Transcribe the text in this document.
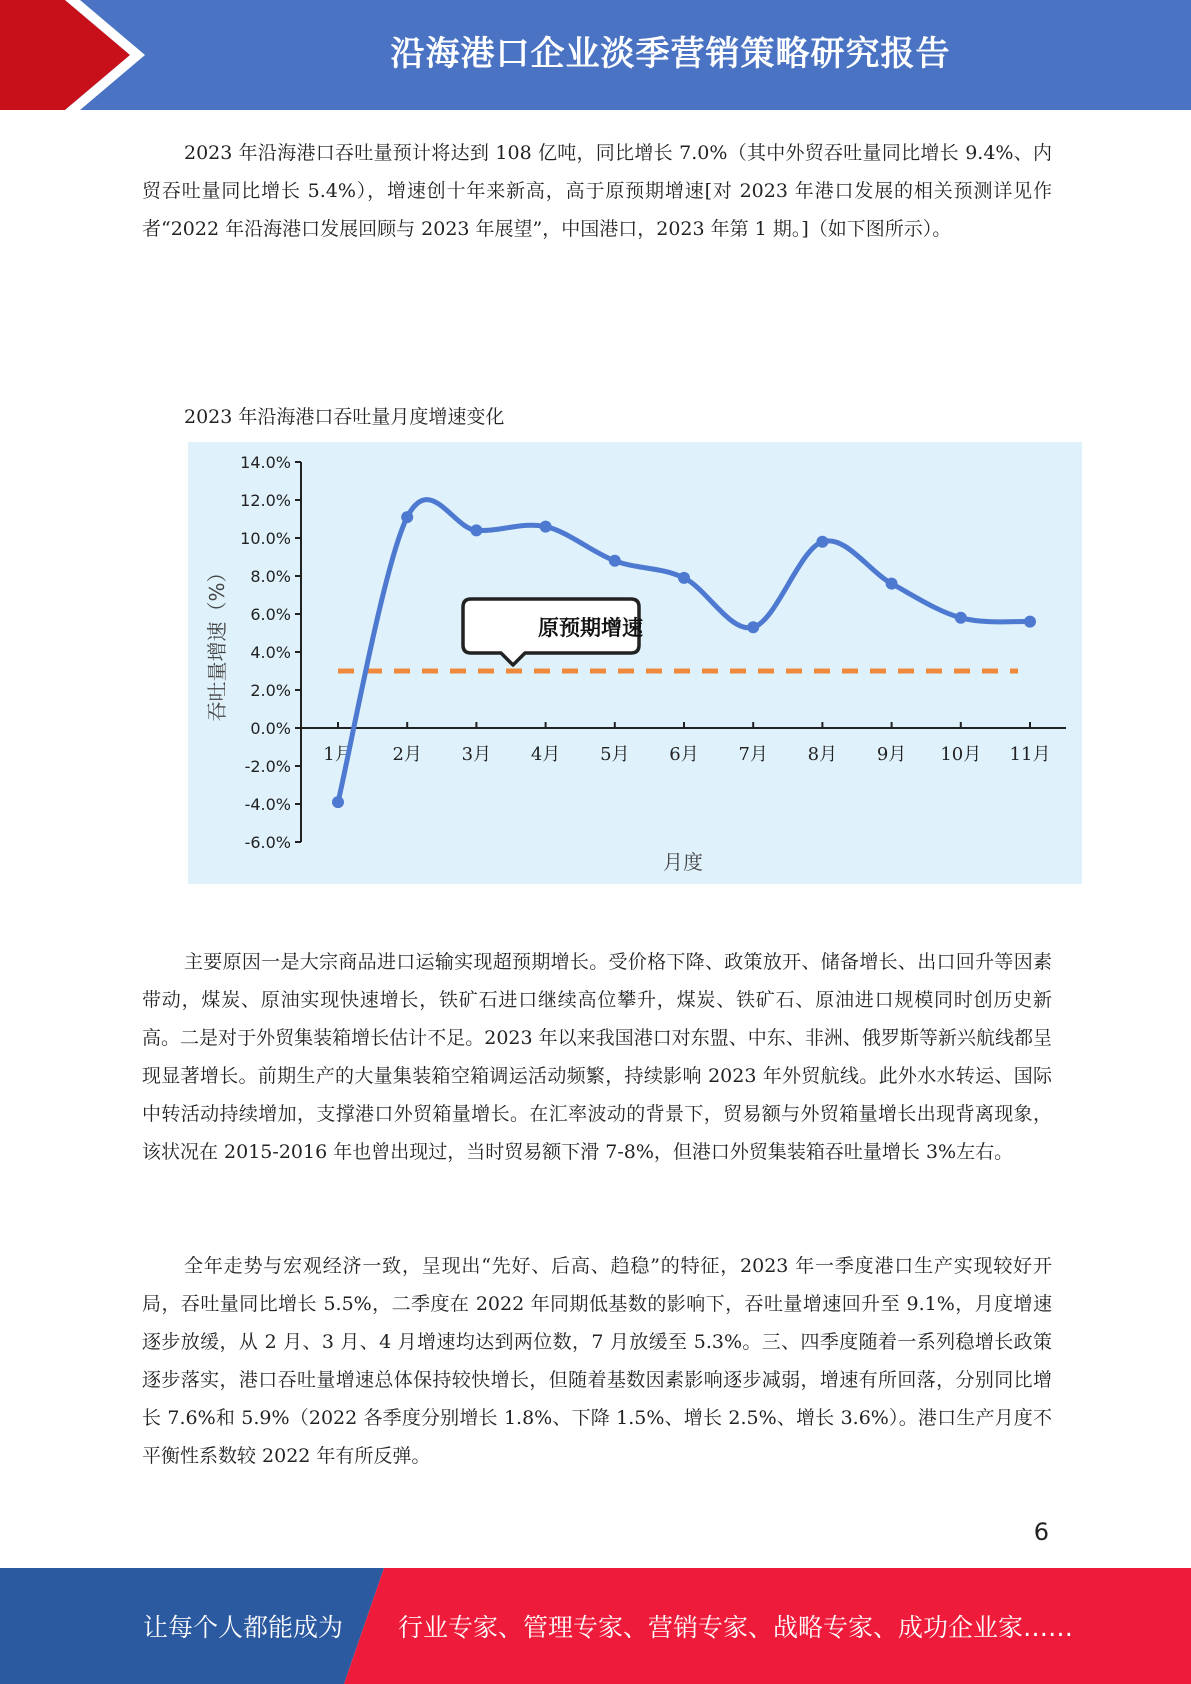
沿海港口企业淡季营销策略研究报告

2023 年沿海港口吞吐量预计将达到 108 亿吨，同比增长 7.0%（其中外贸吞吐量同比增长 9.4%、内贸吞吐量同比增长 5.4%），增速创十年来新高，高于原预期增速[对 2023 年港口发展的相关预测详见作者“2022 年沿海港口发展回顾与 2023 年展望”，中国港口，2023 年第 1 期。]（如下图所示）。

2023 年沿海港口吞吐量月度增速变化
14.0%
12.0%
10.0%
8.0%
6.0%
4.0%
2.0%
0.0%
-2.0%
-4.0%
-6.0%
1月 2月 3月 4月 5月 6月 7月 8月 9月 10月 11月
原预期增速
吞吐量增速（%）
月度

主要原因一是大宗商品进口运输实现超预期增长。受价格下降、政策放开、储备增长、出口回升等因素带动，煤炭、原油实现快速增长，铁矿石进口继续高位攀升，煤炭、铁矿石、原油进口规模同时创历史新高。二是对于外贸集装箱增长估计不足。2023 年以来我国港口对东盟、中东、非洲、俄罗斯等新兴航线都呈现显著增长。前期生产的大量集装箱空箱调运活动频繁，持续影响 2023 年外贸航线。此外水水转运、国际中转活动持续增加，支撑港口外贸箱量增长。在汇率波动的背景下，贸易额与外贸箱量增长出现背离现象，该状况在 2015-2016 年也曾出现过，当时贸易额下滑 7-8%，但港口外贸集装箱吞吐量增长 3%左右。

全年走势与宏观经济一致，呈现出“先好、后高、趋稳”的特征，2023 年一季度港口生产实现较好开局，吞吐量同比增长 5.5%，二季度在 2022 年同期低基数的影响下，吞吐量增速回升至 9.1%，月度增速逐步放缓，从 2 月、3 月、4 月增速均达到两位数，7 月放缓至 5.3%。三、四季度随着一系列稳增长政策逐步落实，港口吞吐量增速总体保持较快增长，但随着基数因素影响逐步减弱，增速有所回落，分别同比增长 7.6%和 5.9%（2022 各季度分别增长 1.8%、下降 1.5%、增长 2.5%、增长 3.6%）。港口生产月度不平衡性系数较 2022 年有所反弹。

6
让每个人都能成为 行业专家、管理专家、营销专家、战略专家、成功企业家……
